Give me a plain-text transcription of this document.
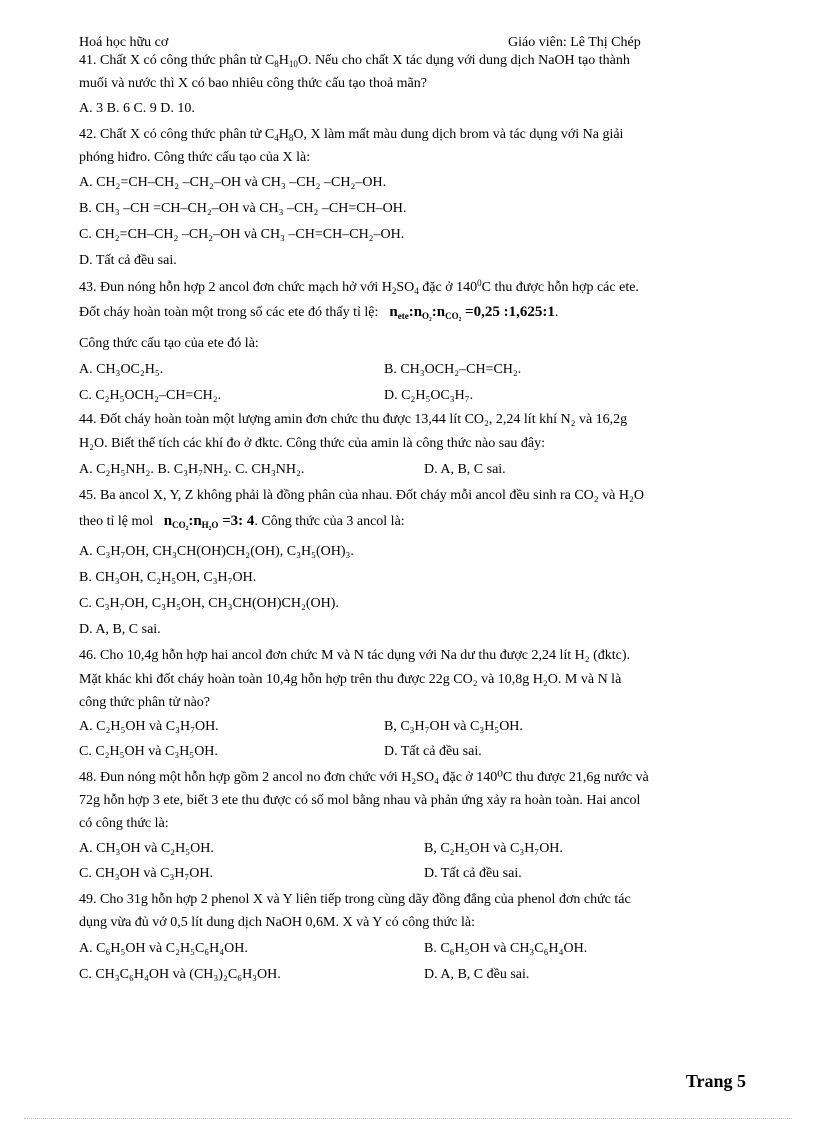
Hoá học hữu cơ	Giáo viên: Lê Thị Chép
41. Chất X có công thức phân tử $C_8H_{10}O$. Nếu cho chất X tác dụng với dung dịch NaOH tạo thành
muối và nước thì X có bao nhiêu công thức cấu tạo thoả mãn?
A. 3 B. 6 C. 9 D. 10.
42. Chất X có công thức phân tử $C_4H_8O$, X làm mất màu dung dịch brom và tác dụng với Na giải
phóng hiđro. Công thức cấu tạo của X là:
A. CH₂=CH–CH₂ –CH₂–OH và CH₃ –CH₂ –CH₂–OH.
B. CH₃ –CH =CH–CH₂–OH và CH₃ –CH₂ –CH=CH–OH.
C. CH₂=CH–CH₂ –CH₂–OH và CH₃ –CH=CH–CH₂–OH.
D. Tất cả đều sai.
43. Đun nóng hỗn hợp 2 ancol đơn chức mạch hở với $H_2SO_4$ đặc ở $140^0C$ thu được hỗn hợp các ete.
Đốt cháy hoàn toàn một trong số các ete đó thấy tỉ lệ: $n_{ete}:n_{O_2}:n_{CO_2} =0,25$ :1,625:1.
Công thức cấu tạo của ete đó là:
A. CH₃OC₂H₅.	B. CH₃OCH₂–CH=CH₂.
C. C₂H₅OCH₂–CH=CH₂.	D. C₂H₅OC₃H₇.
44. Đốt cháy hoàn toàn một lượng amin đơn chức thu được 13,44 lít CO₂, 2,24 lít khí N₂ và 16,2g
H₂O. Biết thể tích các khí đo ở đktc. Công thức của amin là công thức nào sau đây:
A. C₂H₅NH₂. B. C₃H₇NH₂. C. CH₃NH₂.	D. A, B, C sai.
45. Ba ancol X, Y, Z không phải là đồng phân của nhau. Đốt cháy mỗi ancol đều sinh ra CO₂ và H₂O
theo tỉ lệ mol $n_{CO_2}:n_{H_2O} =3$: 4. Công thức của 3 ancol là:
A. C₃H₇OH, CH₃CH(OH)CH₂(OH), C₃H₅(OH)₃.
B. CH₃OH, C₂H₅OH, C₃H₇OH.
C. C₃H₇OH, C₃H₅OH, CH₃CH(OH)CH₂(OH).
D. A, B, C sai.
46. Cho 10,4g hỗn hợp hai ancol đơn chức M và N tác dụng với Na dư thu được 2,24 lít H₂ (đktc).
Mặt khác khi đốt cháy hoàn toàn 10,4g hỗn hợp trên thu được 22g CO₂ và 10,8g H₂O. M và N là
công thức phân tử nào?
A. C₂H₅OH và C₃H₇OH.	B, C₃H₇OH và C₃H₅OH.
C. C₂H₅OH và C₃H₅OH.	D. Tất cả đều sai.
48. Đun nóng một hỗn hợp gồm 2 ancol no đơn chức với H₂SO₄ đặc ở 140⁰C thu được 21,6g nước và
72g hỗn hợp 3 ete, biết 3 ete thu được có số mol bằng nhau và phản ứng xảy ra hoàn toàn. Hai ancol
có công thức là:
A. CH₃OH và C₂H₅OH.	B, C₂H₅OH và C₃H₇OH.
C. CH₃OH và C₃H₇OH.	D. Tất cả đều sai.
49. Cho 31g hỗn hợp 2 phenol X và Y liên tiếp trong cùng dãy đồng đẳng của phenol đơn chức tác
dụng vừa đủ vớ 0,5 lít dung dịch NaOH 0,6M. X và Y có công thức là:
A. C₆H₅OH và C₂H₅C₆H₄OH.	B. C₆H₅OH và CH₃C₆H₄OH.
C. CH₃C₆H₄OH và (CH₃)₂C₆H₃OH.	D. A, B, C đều sai.
Trang 5
